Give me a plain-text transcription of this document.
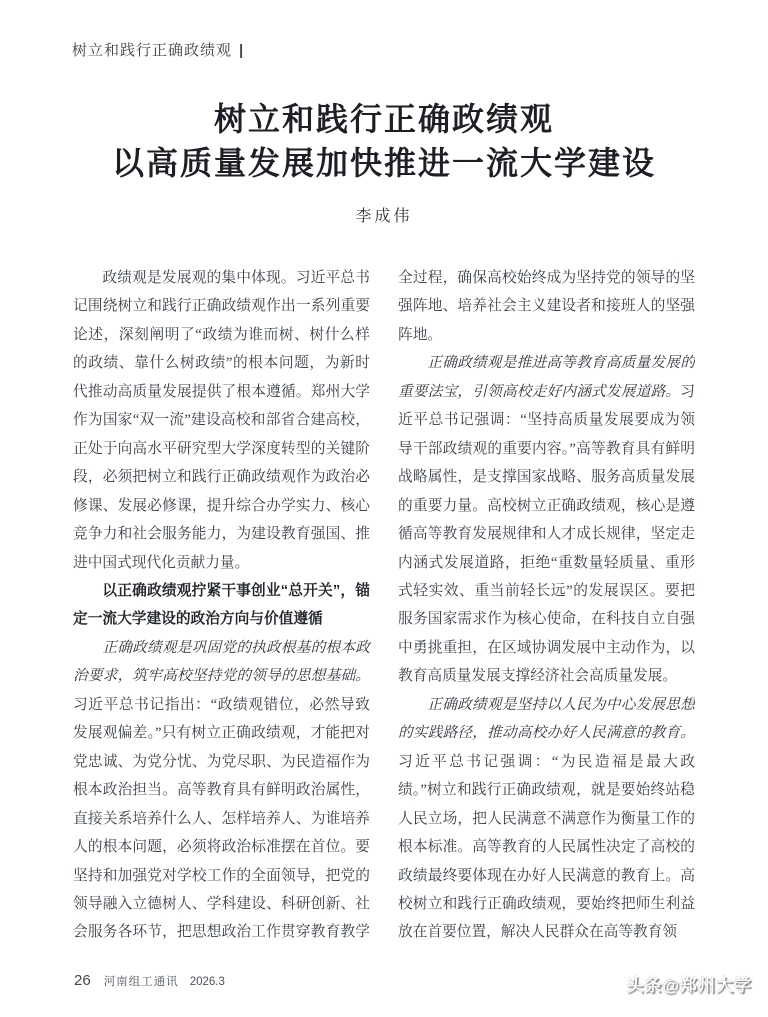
树立和践行正确政绩观 |
树立和践行正确政绩观
以高质量发展加快推进一流大学建设
李成伟

政绩观是发展观的集中体现。习近平总书记围绕树立和践行正确政绩观作出一系列重要论述，深刻阐明了“政绩为谁而树、树什么样的政绩、靠什么树政绩”的根本问题，为新时代推动高质量发展提供了根本遵循。郑州大学作为国家“双一流”建设高校和部省合建高校，正处于向高水平研究型大学深度转型的关键阶段，必须把树立和践行正确政绩观作为政治必修课、发展必修课，提升综合办学实力、核心竞争力和社会服务能力，为建设教育强国、推进中国式现代化贡献力量。

以正确政绩观拧紧干事创业“总开关”，锚定一流大学建设的政治方向与价值遵循

正确政绩观是巩固党的执政根基的根本政治要求，筑牢高校坚持党的领导的思想基础。习近平总书记指出：“政绩观错位，必然导致发展观偏差。”只有树立正确政绩观，才能把对党忠诚、为党分忧、为党尽职、为民造福作为根本政治担当。高等教育具有鲜明政治属性，直接关系培养什么人、怎样培养人、为谁培养人的根本问题，必须将政治标准摆在首位。要坚持和加强党对学校工作的全面领导，把党的领导融入立德树人、学科建设、科研创新、社会服务各环节，把思想政治工作贯穿教育教学全过程，确保高校始终成为坚持党的领导的坚强阵地、培养社会主义建设者和接班人的坚强阵地。

正确政绩观是推进高等教育高质量发展的重要法宝，引领高校走好内涵式发展道路。习近平总书记强调：“坚持高质量发展要成为领导干部政绩观的重要内容。”高等教育具有鲜明战略属性，是支撑国家战略、服务高质量发展的重要力量。高校树立正确政绩观，核心是遵循高等教育发展规律和人才成长规律，坚定走内涵式发展道路，拒绝“重数量轻质量、重形式轻实效、重当前轻长远”的发展误区。要把服务国家需求作为核心使命，在科技自立自强中勇挑重担，在区域协调发展中主动作为，以教育高质量发展支撑经济社会高质量发展。

正确政绩观是坚持以人民为中心发展思想的实践路径，推动高校办好人民满意的教育。习近平总书记强调：“为民造福是最大政绩。”树立和践行正确政绩观，就是要始终站稳人民立场，把人民满意不满意作为衡量工作的根本标准。高等教育的人民属性决定了高校的政绩最终要体现在办好人民满意的教育上。高校树立和践行正确政绩观，要始终把师生利益放在首要位置，解决人民群众在高等教育领

26 河南组工通讯 2026.3	头条@郑州大学
